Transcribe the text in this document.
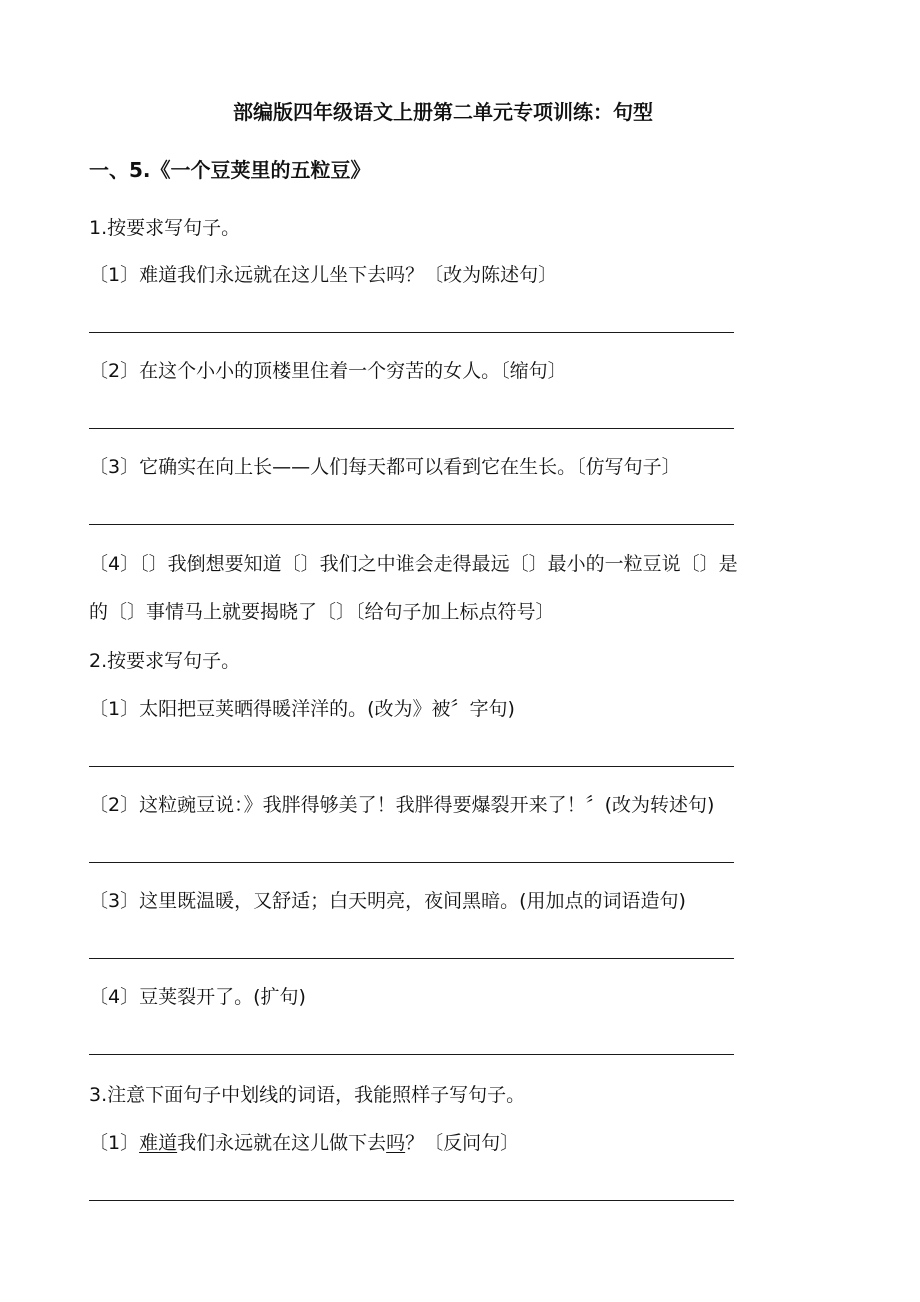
部编版四年级语文上册第二单元专项训练：句型
一、5.《一个豆荚里的五粒豆》
1.按要求写句子。
〔1〕难道我们永远就在这儿坐下去吗？〔改为陈述句〕
〔2〕在这个小小的顶楼里住着一个穷苦的女人。〔缩句〕
〔3〕它确实在向上长——人们每天都可以看到它在生长。〔仿写句子〕
〔4〕〔〕我倒想要知道〔〕我们之中谁会走得最远〔〕最小的一粒豆说〔〕是
的〔〕事情马上就要揭晓了〔〕〔给句子加上标点符号〕
2.按要求写句子。
〔1〕太阳把豆荚晒得暖洋洋的。(改为》被〞字句)
〔2〕这粒豌豆说：》我胖得够美了！我胖得要爆裂开来了！〞(改为转述句)
〔3〕这里既温暖，又舒适；白天明亮，夜间黑暗。(用加点的词语造句)
〔4〕豆荚裂开了。(扩句)
3.注意下面句子中划线的词语，我能照样子写句子。
〔1〕难道我们永远就在这儿做下去吗？〔反问句〕
